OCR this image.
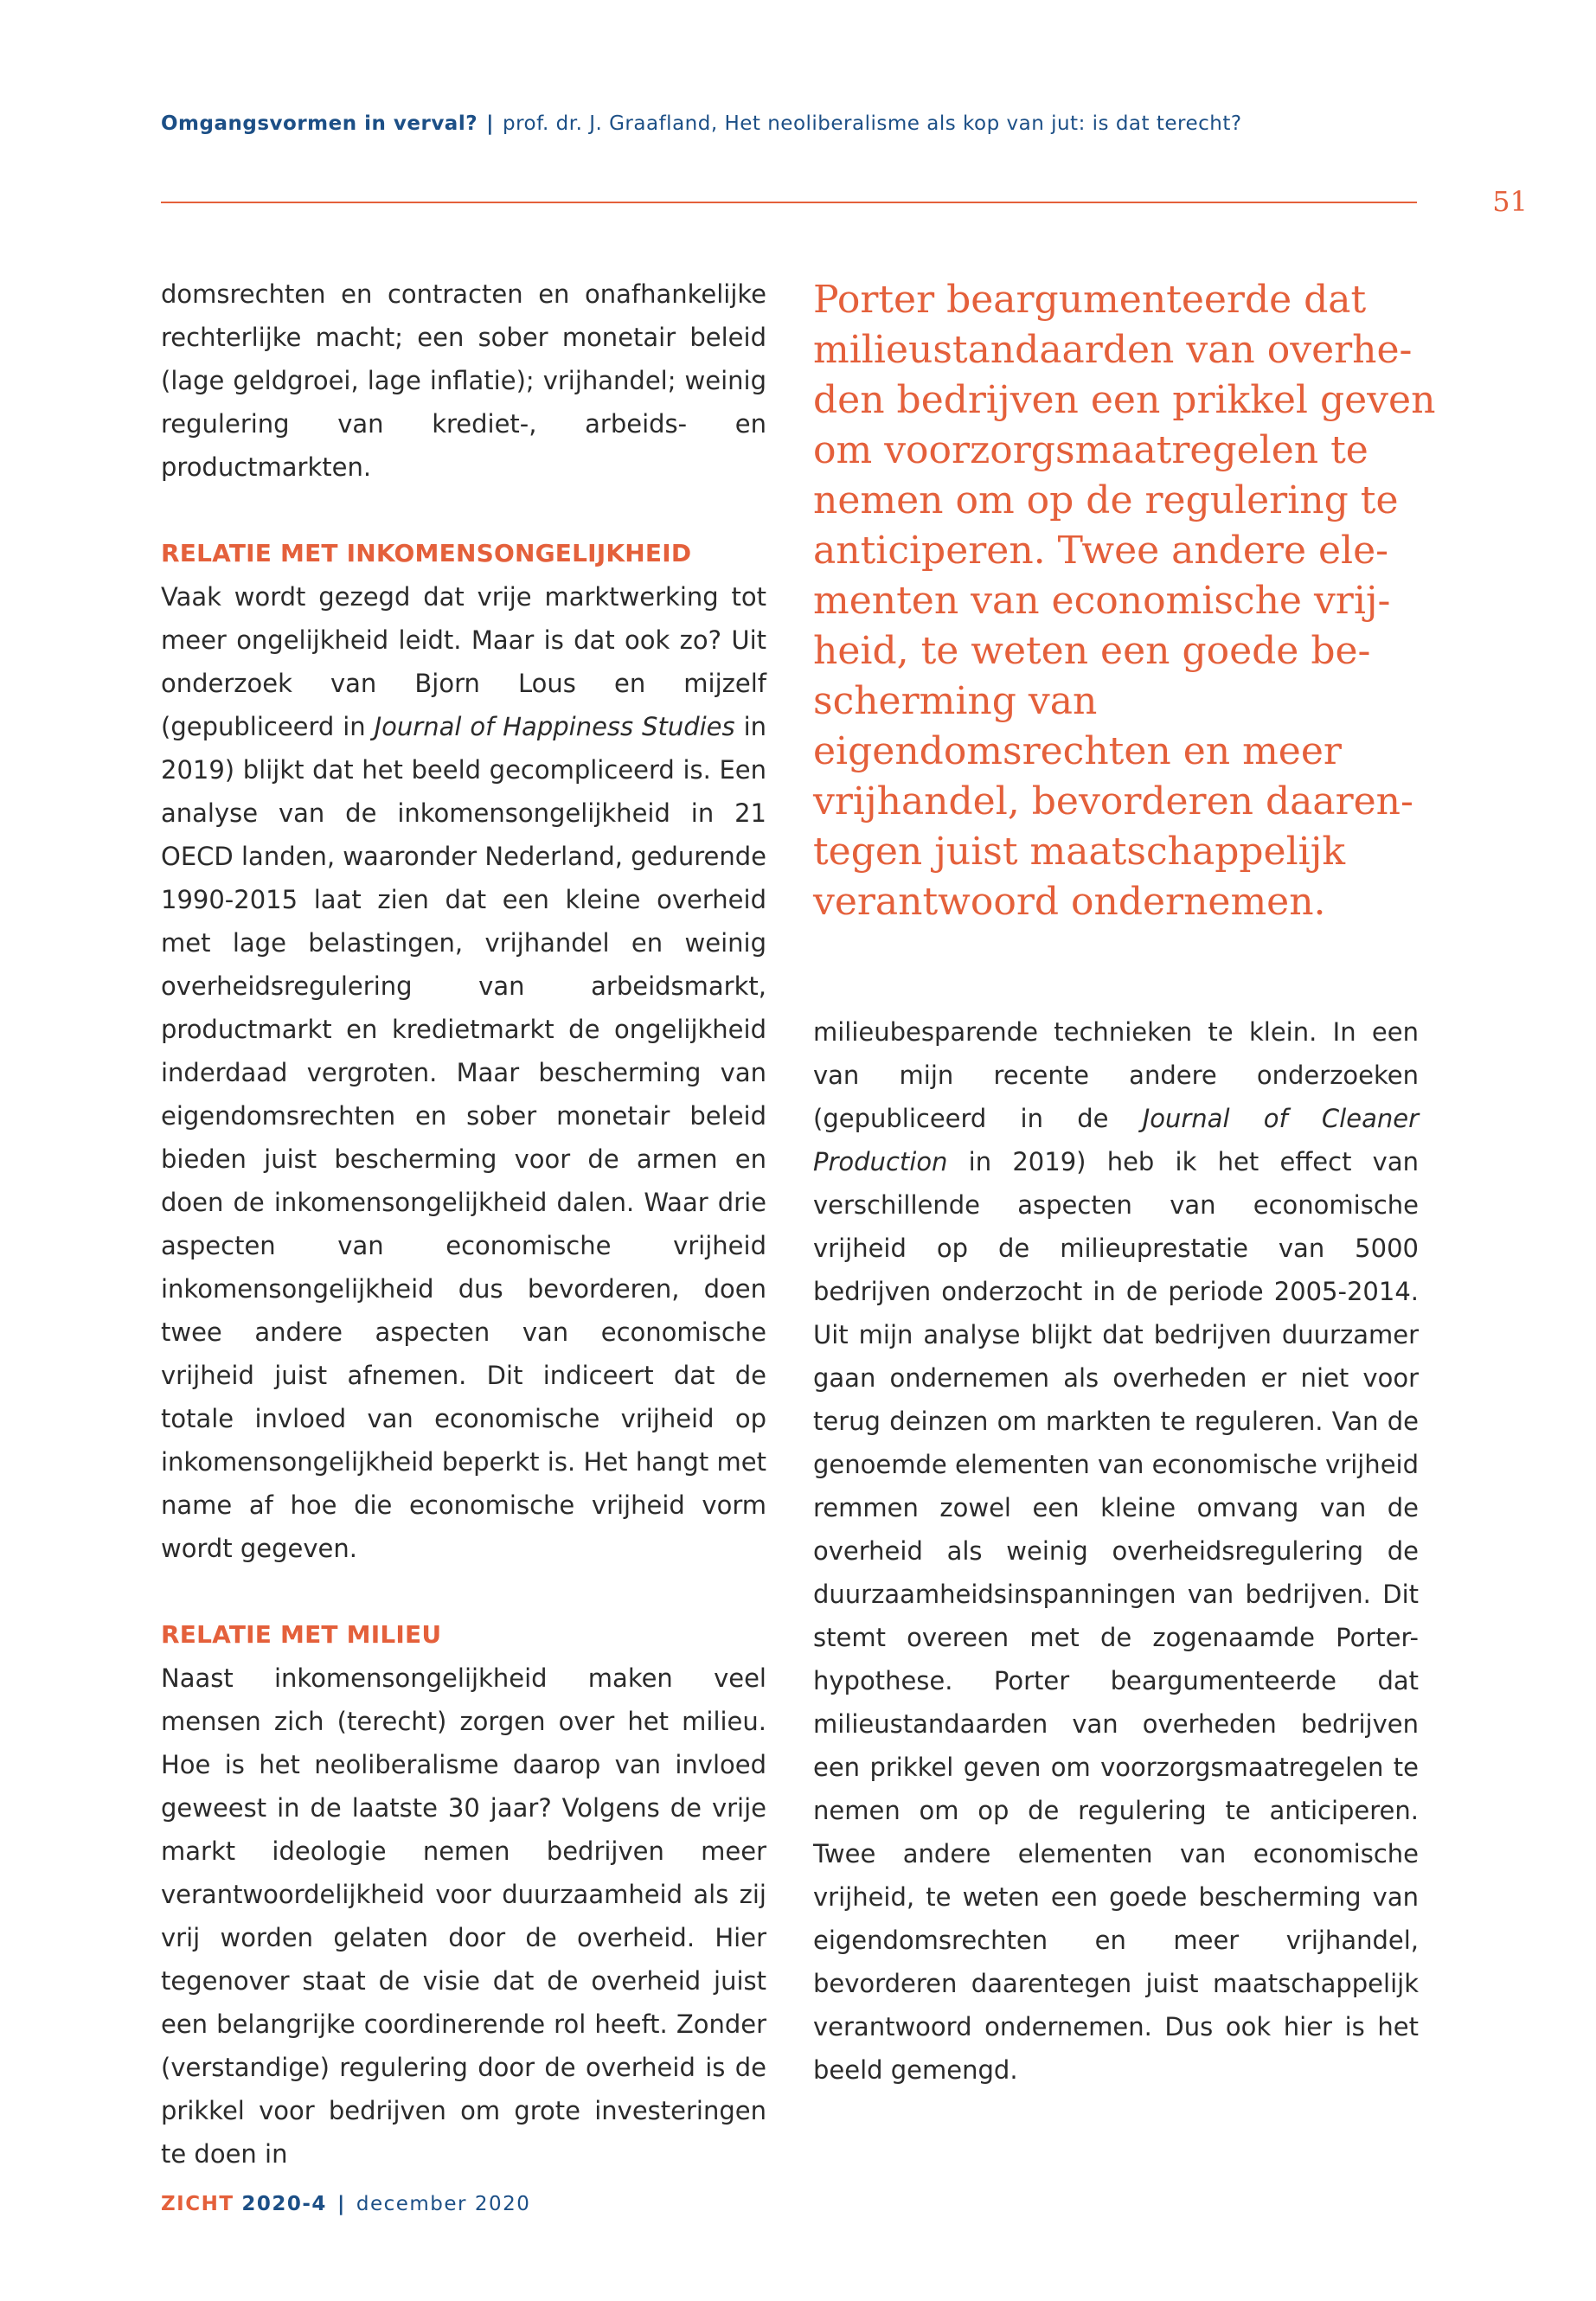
Omgangsvormen in verval? | prof. dr. J. Graafland, Het neoliberalisme als kop van jut: is dat terecht?
51

domsrechten en contracten en onafhankelijke rechterlijke macht; een sober monetair beleid (lage geldgroei, lage inflatie); vrijhandel; weinig regulering van krediet-, arbeids- en productmarkten.

RELATIE MET INKOMENSONGELIJKHEID

Vaak wordt gezegd dat vrije marktwerking tot meer ongelijkheid leidt. Maar is dat ook zo? Uit onderzoek van Bjorn Lous en mijzelf (gepubliceerd in Journal of Happiness Studies in 2019) blijkt dat het beeld gecompliceerd is. Een analyse van de inkomensongelijkheid in 21 OECD landen, waaronder Nederland, gedurende 1990-2015 laat zien dat een kleine overheid met lage belastingen, vrijhandel en weinig overheidsregulering van arbeidsmarkt, productmarkt en kredietmarkt de ongelijkheid inderdaad vergroten. Maar bescherming van eigendomsrechten en sober monetair beleid bieden juist bescherming voor de armen en doen de inkomensongelijkheid dalen. Waar drie aspecten van economische vrijheid inkomensongelijkheid dus bevorderen, doen twee andere aspecten van economische vrijheid juist afnemen. Dit indiceert dat de totale invloed van economische vrijheid op inkomensongelijkheid beperkt is. Het hangt met name af hoe die economische vrijheid vorm wordt gegeven.

RELATIE MET MILIEU

Naast inkomensongelijkheid maken veel mensen zich (terecht) zorgen over het milieu. Hoe is het neoliberalisme daarop van invloed geweest in de laatste 30 jaar? Volgens de vrije markt ideologie nemen bedrijven meer verantwoordelijkheid voor duurzaamheid als zij vrij worden gelaten door de overheid. Hier tegenover staat de visie dat de overheid juist een belangrijke coordinerende rol heeft. Zonder (verstandige) regulering door de overheid is de prikkel voor bedrijven om grote investeringen te doen in

Porter beargumenteerde dat
milieustandaarden van overhe-
den bedrijven een prikkel geven
om voorzorgsmaatregelen te
nemen om op de regulering te
anticiperen. Twee andere ele-
menten van economische vrij-
heid, te weten een goede be-
scherming van
eigendomsrechten en meer
vrijhandel, bevorderen daaren-
tegen juist maatschappelijk
verantwoord ondernemen.

milieubesparende technieken te klein. In een van mijn recente andere onderzoeken (gepubliceerd in de Journal of Cleaner Production in 2019) heb ik het effect van verschillende aspecten van economische vrijheid op de milieuprestatie van 5000 bedrijven onderzocht in de periode 2005-2014. Uit mijn analyse blijkt dat bedrijven duurzamer gaan ondernemen als overheden er niet voor terug deinzen om markten te reguleren. Van de genoemde elementen van economische vrijheid remmen zowel een kleine omvang van de overheid als weinig overheidsregulering de duurzaamheidsinspanningen van bedrijven. Dit stemt overeen met de zogenaamde Porter-hypothese. Porter beargumenteerde dat milieustandaarden van overheden bedrijven een prikkel geven om voorzorgsmaatregelen te nemen om op de regulering te anticiperen. Twee andere elementen van economische vrijheid, te weten een goede bescherming van eigendomsrechten en meer vrijhandel, bevorderen daarentegen juist maatschappelijk verantwoord ondernemen. Dus ook hier is het beeld gemengd.

ZICHT 2020-4 | december 2020
